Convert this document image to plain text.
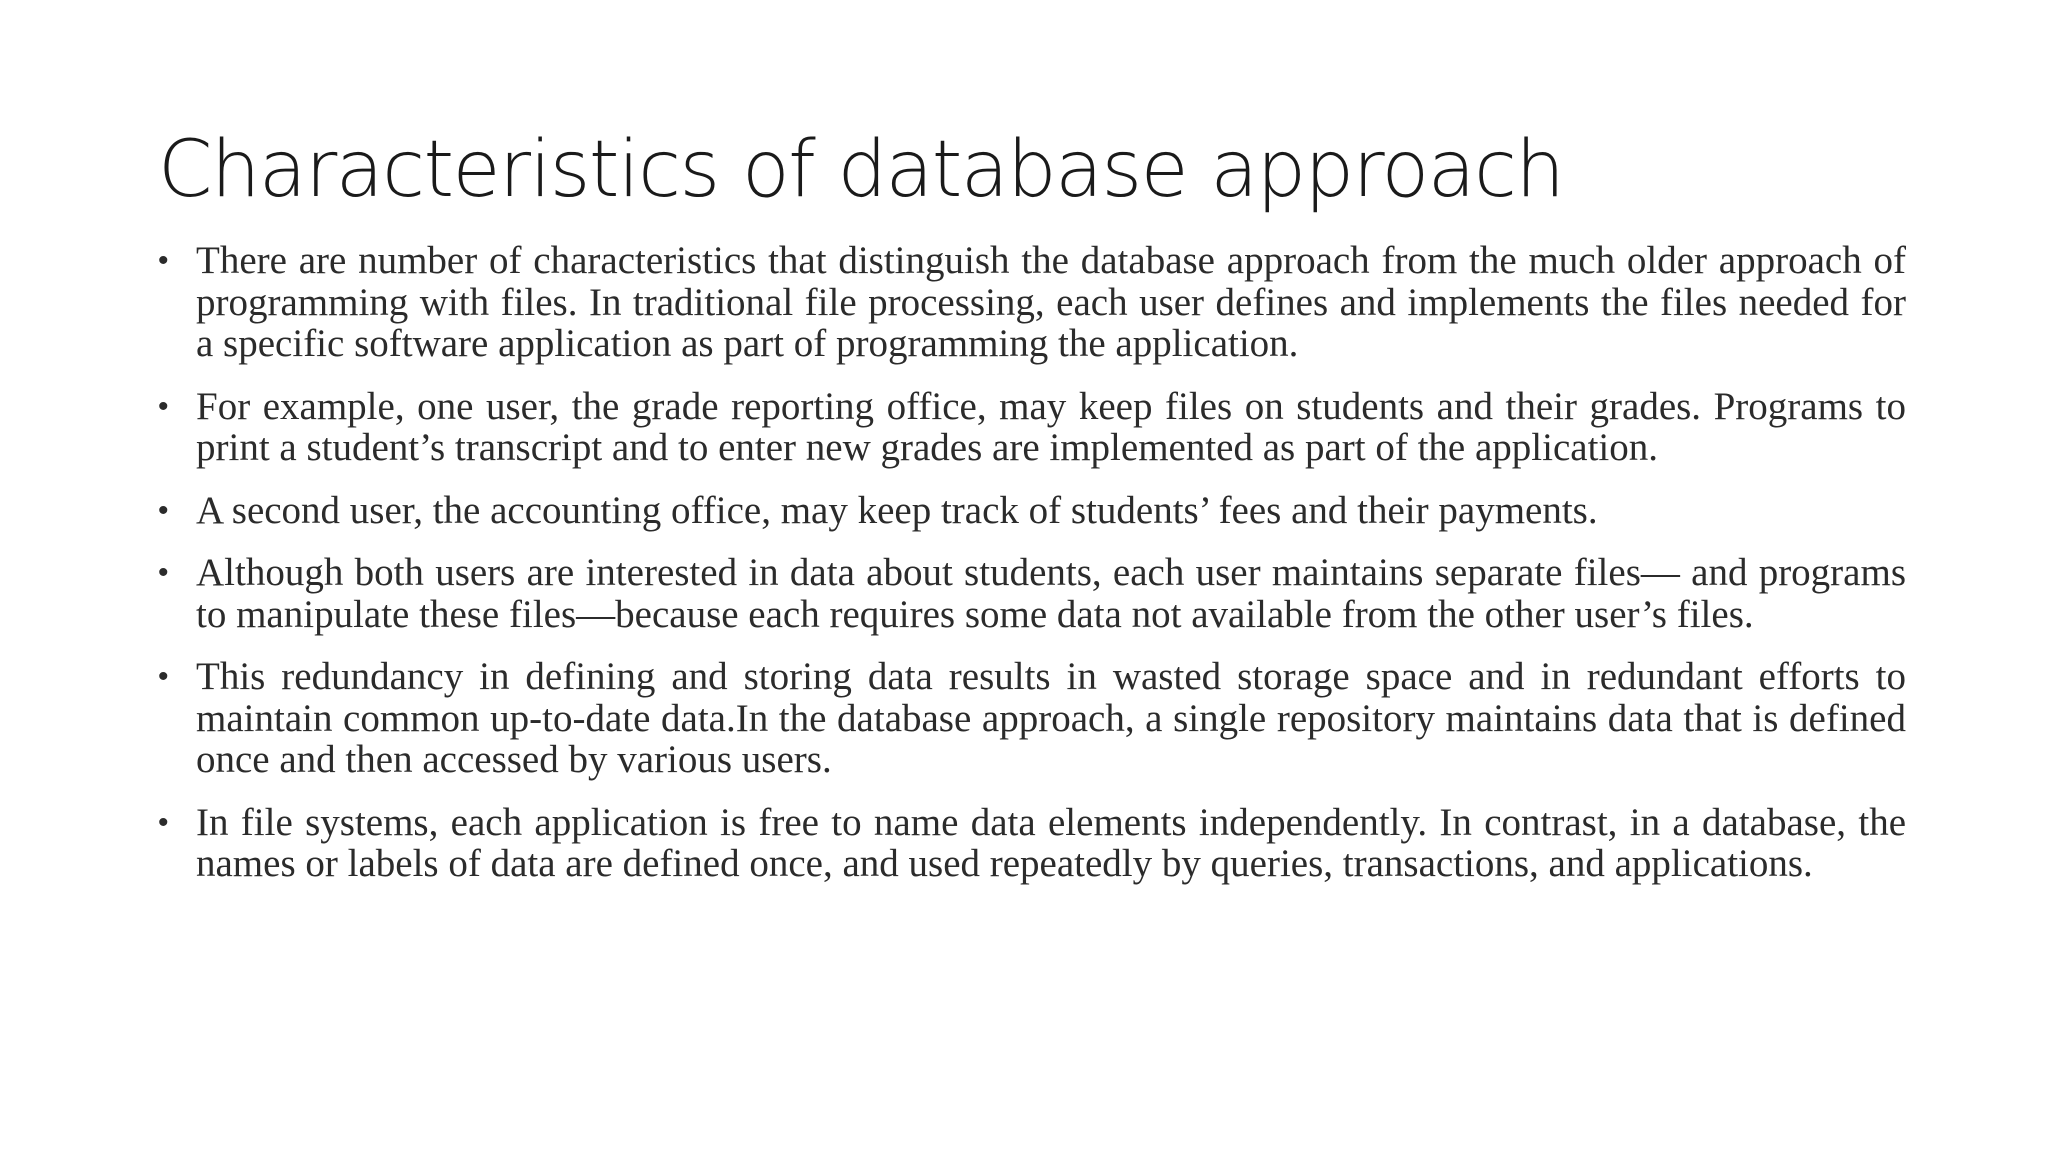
Characteristics of database approach
• There are number of characteristics that distinguish the database approach from the much older approach of programming with files. In traditional file processing, each user defines and implements the files needed for a specific software application as part of programming the application.
• For example, one user, the grade reporting office, may keep files on students and their grades. Programs to print a student’s transcript and to enter new grades are implemented as part of the application.
• A second user, the accounting office, may keep track of students’ fees and their payments.
• Although both users are interested in data about students, each user maintains separate files— and programs to manipulate these files—because each requires some data not available from the other user’s files.
• This redundancy in defining and storing data results in wasted storage space and in redundant efforts to maintain common up-to-date data.In the database approach, a single repository maintains data that is defined once and then accessed by various users.
• In file systems, each application is free to name data elements independently. In contrast, in a database, the names or labels of data are defined once, and used repeatedly by queries, transactions, and applications.
